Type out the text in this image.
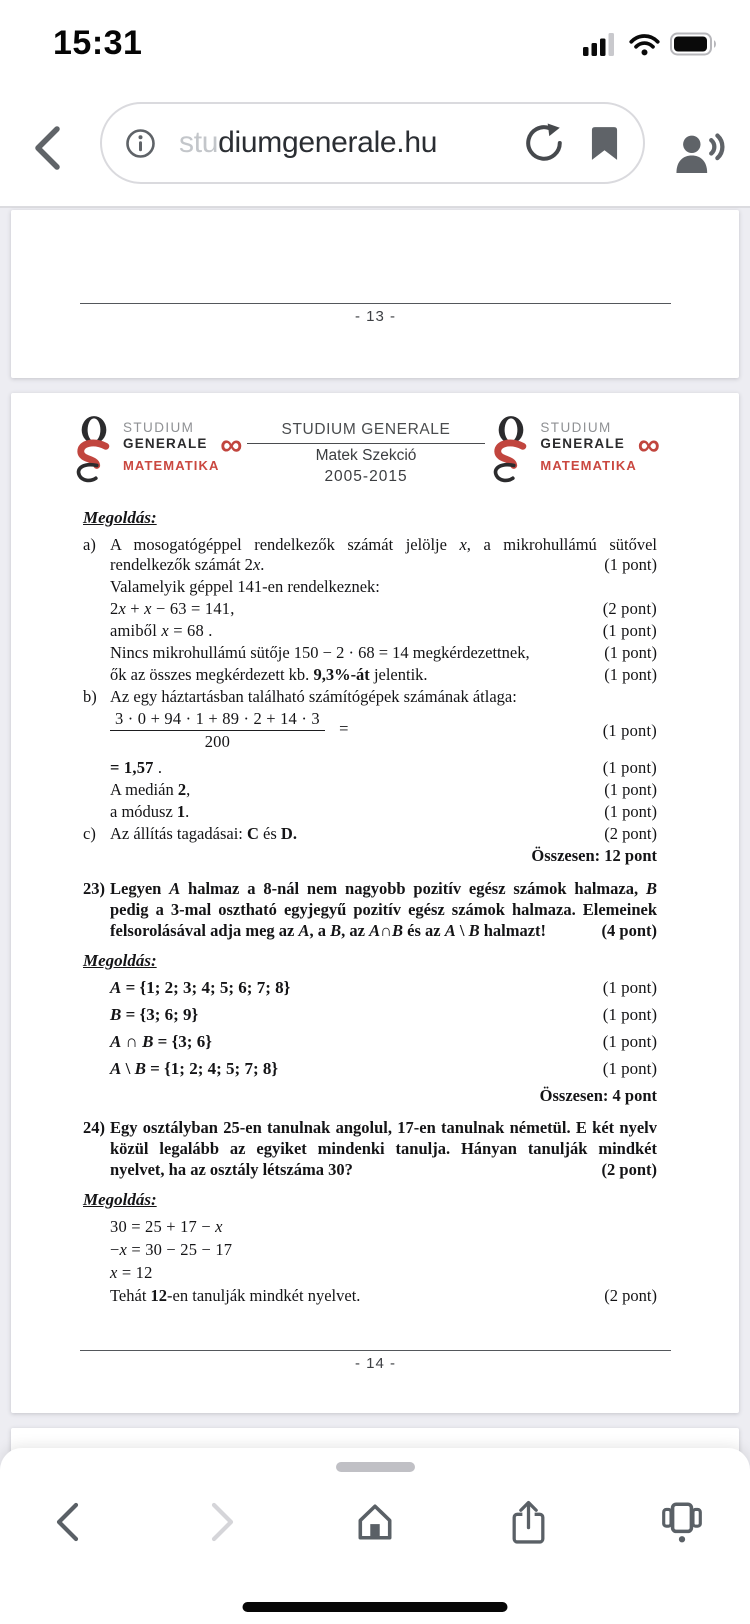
15:31
studiumgenerale.hu
- 13 -
STUDIUM
GENERALE ∞
MATEMATIKA
STUDIUM GENERALE
Matek Szekció
2005-2015
STUDIUM
GENERALE ∞
MATEMATIKA

Megoldás:

a) A mosogatógéppel rendelkezők számát jelölje x, a mikrohullámú sütővel rendelkezők számát 2x.	(1 pont)
Valamelyik géppel 141-en rendelkeznek:
2x + x − 63 = 141,	(2 pont)
amiből x = 68 .	(1 pont)
Nincs mikrohullámú sütője 150 − 2 · 68 = 14 megkérdezettnek,	(1 pont)
ők az összes megkérdezett kb. 9,3%-át jelentik.	(1 pont)
b) Az egy háztartásban található számítógépek számának átlaga:
$\frac{3 \cdot 0 + 94 \cdot 1 + 89 \cdot 2 + 14 \cdot 3}{200}$ =	(1 pont)
= 1,57 .	(1 pont)
A medián 2,	(1 pont)
a módusz 1.	(1 pont)
c) Az állítás tagadásai: C és D.	(2 pont)
Összesen: 12 pont
23) Legyen A halmaz a 8-nál nem nagyobb pozitív egész számok halmaza, B pedig a 3-mal osztható egyjegyű pozitív egész számok halmaza. Elemeinek felsorolásával adja meg az A, a B, az A∩B és az A \ B halmazt!	(4 pont)

Megoldás:

A = {1; 2; 3; 4; 5; 6; 7; 8}	(1 pont)
B = {3; 6; 9}	(1 pont)
A ∩ B = {3; 6}	(1 pont)
A \ B = {1; 2; 4; 5; 7; 8}	(1 pont)
Összesen: 4 pont
24) Egy osztályban 25-en tanulnak angolul, 17-en tanulnak németül. E két nyelv közül legalább az egyiket mindenki tanulja. Hányan tanulják mindkét nyelvet, ha az osztály létszáma 30?	(2 pont)

Megoldás:

30 = 25 + 17 − x
−x = 30 − 25 − 17
x = 12
Tehát 12-en tanulják mindkét nyelvet.	(2 pont)
- 14 -
